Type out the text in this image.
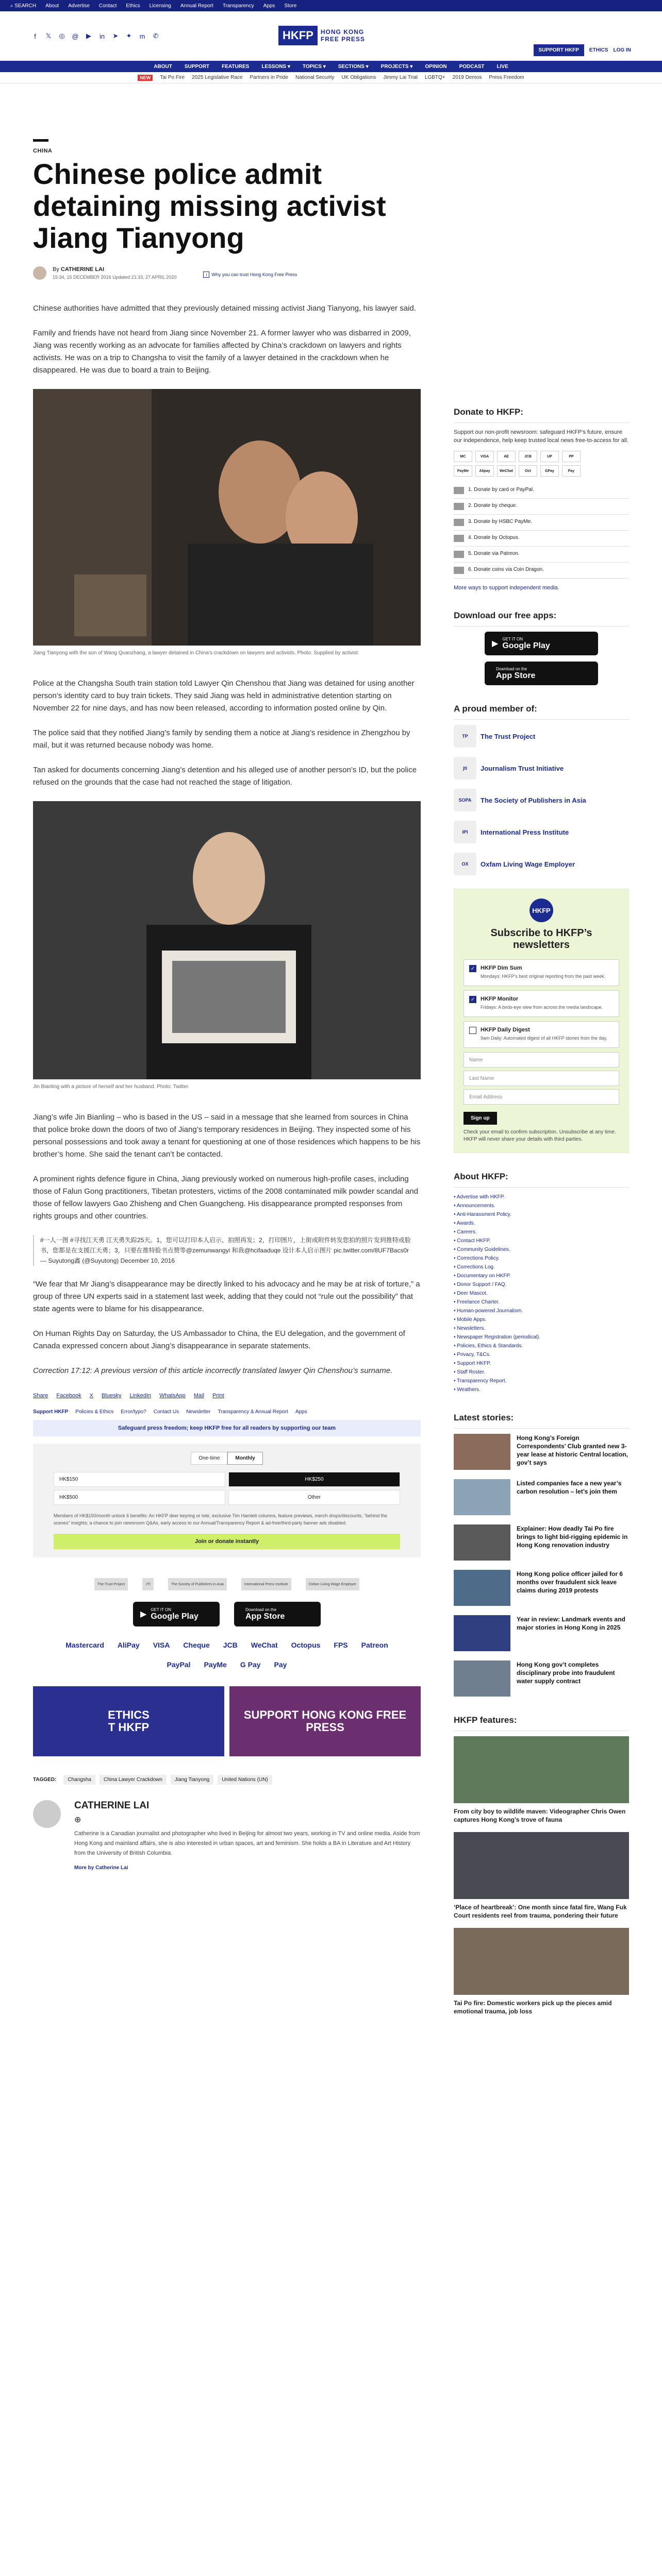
⌕ SEARCH About Advertise Contact Ethics Licensing Annual Report Transparency Apps Store
f	𝕏 ◎ @ ▶ in ➤ ✦ m ✆	HKFP	HONG KONG
FREE PRESS
SUPPORT HKFP	ETHICS LOG IN
ABOUT SUPPORT FEATURES LESSONS ▾ TOPICS ▾ SECTIONS ▾ PROJECTS ▾ OPINION PODCAST LIVE
NEW	Tai Po Fire 2025 Legislative Race Partners in Pride National Security UK Obligations Jimmy Lai Trial LGBTQ+ 2019 Demos Press Freedom
CHINA
Chinese police admit detaining missing activist Jiang Tianyong
By CATHERINE LAI
15:34, 15 DECEMBER 2016 Updated 21:33, 27 APRIL 2020	i	Why you can trust Hong Kong Free Press

Chinese authorities have admitted that they previously detained missing activist Jiang Tianyong, his lawyer said.

Family and friends have not heard from Jiang since November 21. A former lawyer who was disbarred in 2009, Jiang was recently working as an advocate for families affected by China’s crackdown on lawyers and rights activists. He was on a trip to Changsha to visit the family of a lawyer detained in the crackdown when he disappeared. He was due to board a train to Beijing.

Jiang Tianyong with the son of Wang Quanzhang, a lawyer detained in China’s crackdown on lawyers and activists. Photo: Supplied by activist.

Police at the Changsha South train station told Lawyer Qin Chenshou that Jiang was detained for using another person’s identity card to buy train tickets. They said Jiang was held in administrative detention starting on November 22 for nine days, and has now been released, according to information posted online by Qin.

The police said that they notified Jiang’s family by sending them a notice at Jiang’s residence in Zhengzhou by mail, but it was returned because nobody was home.

Tan asked for documents concerning Jiang’s detention and his alleged use of another person’s ID, but the police refused on the grounds that the case had not reached the stage of litigation.

Jin Bianling with a picture of herself and her husband. Photo: Twitter.

Jiang’s wife Jin Bianling – who is based in the US – said in a message that she learned from sources in China that police broke down the doors of two of Jiang’s temporary residences in Beijing. They inspected some of his personal possessions and took away a tenant for questioning at one of those residences which happens to be his brother’s home. She said the tenant can’t be contacted.

A prominent rights defence figure in China, Jiang previously worked on numerous high-profile cases, including those of Falun Gong practitioners, Tibetan protesters, victims of the 2008 contaminated milk powder scandal and those of fellow lawyers Gao Zhisheng and Chen Guangcheng. His disappearance prompted responses from rights groups and other countries.

#一人一图 #寻找江天勇 江天勇失踪25天。1，您可以打印本人启示，拍照再发；2，打印图片，上街或附件转发您拍的照片发到推特或脸书，您都是在支援江天勇；3，只要在推特脸书点赞等@zemunwangyi 和我@hcifaaduqe 设计本人启示图片 pic.twitter.com/8UF7Bacs0r
— Suyutong鑫 (@Suyutong) December 10, 2016

“We fear that Mr Jiang’s disappearance may be directly linked to his advocacy and he may be at risk of torture,” a group of three UN experts said in a statement last week, adding that they could not “rule out the possibility” that state agents were to blame for his disappearance.

On Human Rights Day on Saturday, the US Ambassador to China, the EU delegation, and the government of Canada expressed concern about Jiang’s disappearance in separate statements.

Correction 17:12: A previous version of this article incorrectly translated lawyer Qin Chenshou’s surname.

Share Facebook X Bluesky LinkedIn WhatsApp Mail Print
Support HKFP Policies & Ethics Error/typo? Contact Us Newsletter Transparency & Annual Report Apps
Safeguard press freedom; keep HKFP free for all readers by supporting our team
One-time	Monthly
HK$150	HK$250
HK$500	Other
Members of HK$150/month unlock 6 benefits: An HKFP deer keyring or tote, exclusive Tim Hamlett columns, feature previews, merch drops/discounts, “behind the scenes” insights; a chance to join newsroom Q&As, early access to our Annual/Transparency Report & ad-free/third-party banner ads disabled.
Join or donate instantly
The Trust Project	JTI	The Society of Publishers in Asia	International Press Institute	Oxfam Living Wage Employer
▶
GET IT ON
Google Play
Download on the
App Store
Mastercard AliPay VISA Cheque JCB WeChat Octopus FPS Patreon
PayPal PayMe G Pay Pay
ETHICS
T HKFP
SUPPORT HONG KONG FREE PRESS
TAGGED:	Changsha	China Lawyer Crackdown	Jiang Tianyong	United Nations (UN)
CATHERINE LAI
⊕

Catherine is a Canadian journalist and photographer who lived in Beijing for almost two years, working in TV and online media. Aside from Hong Kong and mainland affairs, she is also interested in urban spaces, art and feminism. She holds a BA in Literature and Art History from the University of British Columbia.

More by Catherine Lai
Donate to HKFP:

Support our non-profit newsroom: safeguard HKFP’s future, ensure our independence, help keep trusted local news free-to-access for all.

MC	VISA	AE	JCB	UP	PP
PayMe	Alipay	WeChat	Oct	GPay	Pay
1. Donate by card or PayPal.
2. Donate by cheque.
3. Donate by HSBC PayMe.
4. Donate by Octopus.
5. Donate via Patreon.
6. Donate coins via Coin Dragon.

More ways to support independent media.

Download our free apps:
▶
GET IT ON
Google Play
Download on the
App Store
A proud member of:
TP	The Trust Project
jti	Journalism Trust Initiative
SOPA	The Society of Publishers in Asia
IPI	International Press Institute
OX	Oxfam Living Wage Employer
HKFP
Subscribe to HKFP’s newsletters
✓ HKFP Dim Sum
Mondays: HKFP’s best original reporting from the past week.
✓ HKFP Monitor
Fridays: A birds-eye view from across the media landscape.
HKFP Daily Digest
9am Daily: Automated digest of all HKFP stories from the day.
Name
Last Name
Email Address
Sign up
Check your email to confirm subscription. Unsubscribe at any time. HKFP will never share your details with third parties.
About HKFP:
• Advertise with HKFP.
• Announcements.
• Anti-Harassment Policy.
• Awards.
• Careers.
• Contact HKFP.
• Community Guidelines.
• Corrections Policy.
• Corrections Log.
• Documentary on HKFP.
• Donor Support / FAQ.
• Deer Mascot.
• Freelance Charter.
• Human-powered Journalism.
• Mobile Apps.
• Newsletters.
• Newspaper Registration (periodical).
• Policies, Ethics & Standards.
• Privacy, T&Cs.
• Support HKFP.
• Staff Roster.
• Transparency Report.
• Weathers.
Latest stories:
Hong Kong’s Foreign Correspondents’ Club granted new 3-year lease at historic Central location, gov’t says
Listed companies face a new year’s carbon resolution – let’s join them
Explainer: How deadly Tai Po fire brings to light bid-rigging epidemic in Hong Kong renovation industry
Hong Kong police officer jailed for 6 months over fraudulent sick leave claims during 2019 protests
Year in review: Landmark events and major stories in Hong Kong in 2025
Hong Kong gov’t completes disciplinary probe into fraudulent water supply contract
HKFP features:
From city boy to wildlife maven: Videographer Chris Owen captures Hong Kong’s trove of fauna
‘Place of heartbreak’: One month since fatal fire, Wang Fuk Court residents reel from trauma, pondering their future
Tai Po fire: Domestic workers pick up the pieces amid emotional trauma, job loss
